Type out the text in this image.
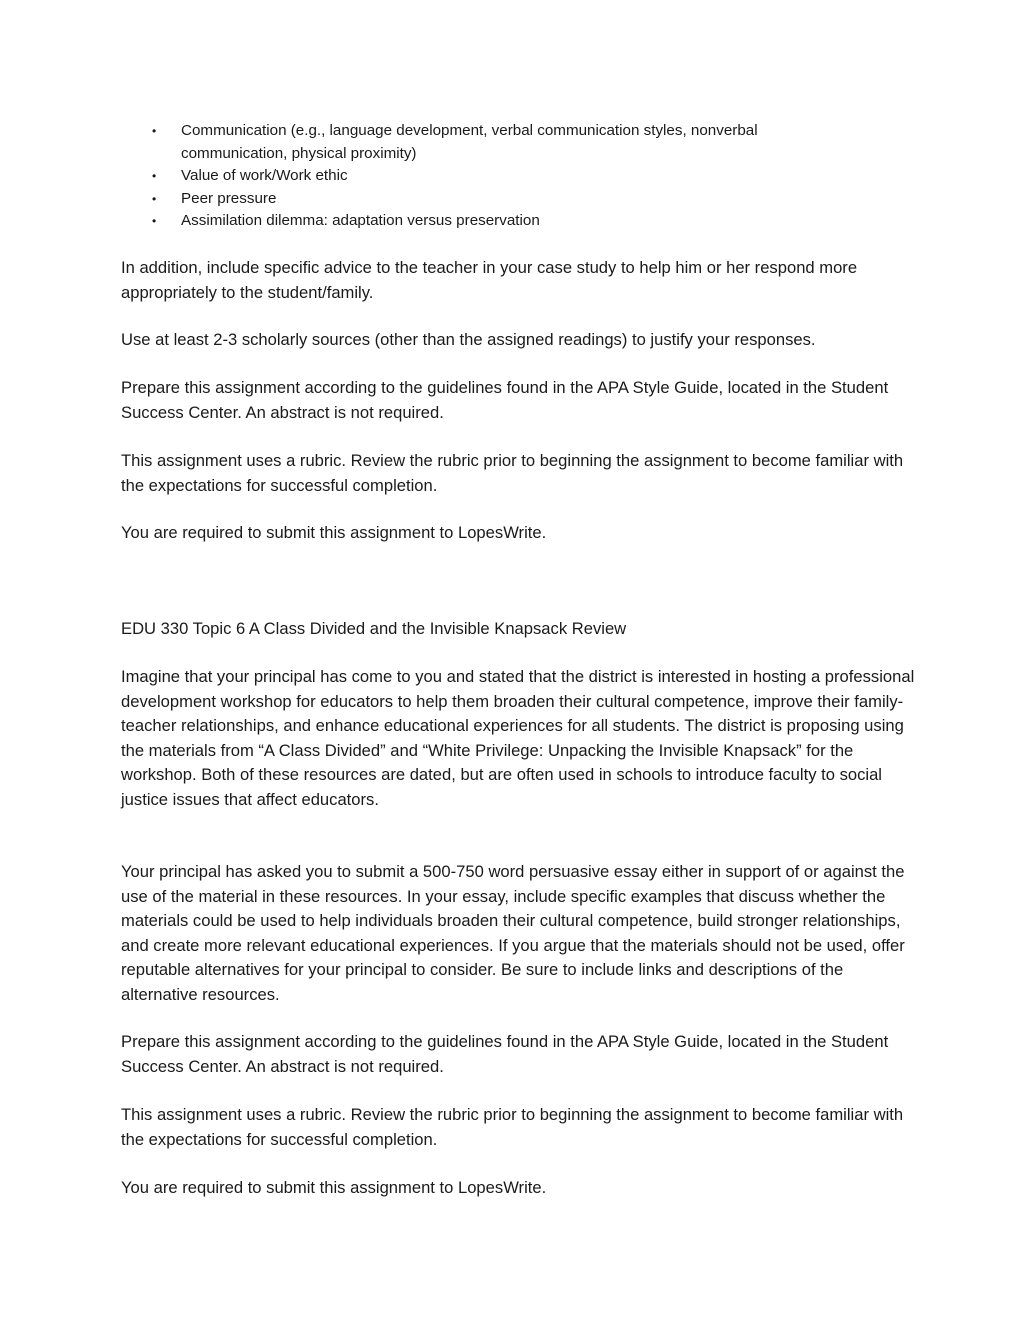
• Communication (e.g., language development, verbal communication styles, nonverbal communication, physical proximity)
• Value of work/Work ethic
• Peer pressure
• Assimilation dilemma: adaptation versus preservation

In addition, include specific advice to the teacher in your case study to help him or her respond more appropriately to the student/family.

Use at least 2-3 scholarly sources (other than the assigned readings) to justify your responses.

Prepare this assignment according to the guidelines found in the APA Style Guide, located in the Student Success Center. An abstract is not required.

This assignment uses a rubric. Review the rubric prior to beginning the assignment to become familiar with the expectations for successful completion.

You are required to submit this assignment to LopesWrite.

EDU 330 Topic 6 A Class Divided and the Invisible Knapsack Review

Imagine that your principal has come to you and stated that the district is interested in hosting a professional development workshop for educators to help them broaden their cultural competence, improve their family-teacher relationships, and enhance educational experiences for all students. The district is proposing using the materials from “A Class Divided” and “White Privilege: Unpacking the Invisible Knapsack” for the workshop. Both of these resources are dated, but are often used in schools to introduce faculty to social justice issues that affect educators.

Your principal has asked you to submit a 500-750 word persuasive essay either in support of or against the use of the material in these resources. In your essay, include specific examples that discuss whether the materials could be used to help individuals broaden their cultural competence, build stronger relationships, and create more relevant educational experiences. If you argue that the materials should not be used, offer reputable alternatives for your principal to consider. Be sure to include links and descriptions of the alternative resources.

Prepare this assignment according to the guidelines found in the APA Style Guide, located in the Student Success Center. An abstract is not required.

This assignment uses a rubric. Review the rubric prior to beginning the assignment to become familiar with the expectations for successful completion.

You are required to submit this assignment to LopesWrite.
